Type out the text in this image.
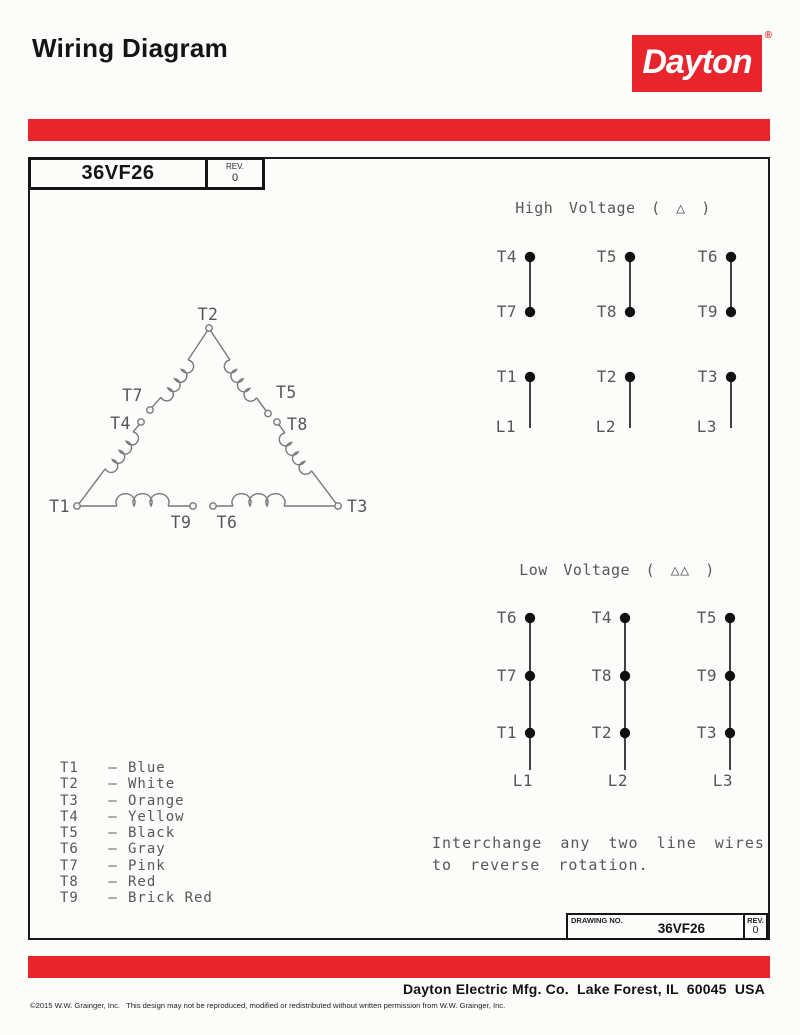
Wiring Diagram	Dayton
®
36VF26	REV.
0
T2
T7
T4
T1
T9 T6
T3
T5
T8
High Voltage ( △ )
T4
T7
T5
T8
T6
T9
T1
L1
T2
L2
T3
L3
Low Voltage ( △△ )
T6
T7
T1
L1
T4
T8
T2
L2
T5
T9
T3
L3
T1	— Blue
T2	— White
T3	— Orange
T4	— Yellow
T5	— Black
T6	— Gray
T7	— Pink
T8	— Red
T9	— Brick Red
Interchange any two line wires
to reverse rotation.
DRAWING NO.
36VF26
REV.
0
Dayton Electric Mfg. Co.  Lake Forest, IL  60045  USA
©2015 W.W. Grainger, Inc.   This design may not be reproduced, modified or redistributed without written permission from W.W. Grainger, Inc.
